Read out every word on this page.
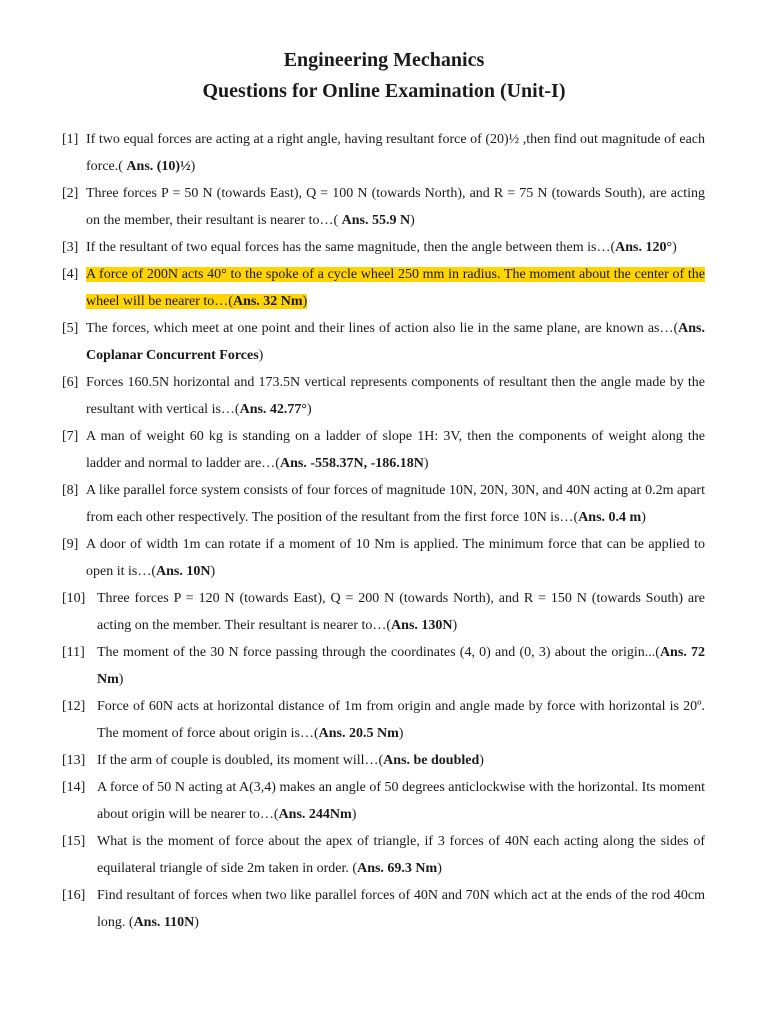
Engineering Mechanics

Questions for Online Examination (Unit-I)

[1] If two equal forces are acting at a right angle, having resultant force of (20)½ ,then find out magnitude of each force.( Ans. (10)½)
[2] Three forces P = 50 N (towards East), Q = 100 N (towards North), and R = 75 N (towards South), are acting on the member, their resultant is nearer to…( Ans. 55.9 N)
[3] If the resultant of two equal forces has the same magnitude, then the angle between them is…(Ans. 120°)
[4] A force of 200N acts 40° to the spoke of a cycle wheel 250 mm in radius. The moment about the center of the wheel will be nearer to…(Ans. 32 Nm)
[5] The forces, which meet at one point and their lines of action also lie in the same plane, are known as…(Ans. Coplanar Concurrent Forces)
[6] Forces 160.5N horizontal and 173.5N vertical represents components of resultant then the angle made by the resultant with vertical is…(Ans. 42.77°)
[7] A man of weight 60 kg is standing on a ladder of slope 1H: 3V, then the components of weight along the ladder and normal to ladder are…(Ans. -558.37N, -186.18N)
[8] A like parallel force system consists of four forces of magnitude 10N, 20N, 30N, and 40N acting at 0.2m apart from each other respectively. The position of the resultant from the first force 10N is…(Ans. 0.4 m)
[9] A door of width 1m can rotate if a moment of 10 Nm is applied. The minimum force that can be applied to open it is…(Ans. 10N)
[10] Three forces P = 120 N (towards East), Q = 200 N (towards North), and R = 150 N (towards South) are acting on the member. Their resultant is nearer to…(Ans. 130N)
[11] The moment of the 30 N force passing through the coordinates (4, 0) and (0, 3) about the origin...(Ans. 72 Nm)
[12] Force of 60N acts at horizontal distance of 1m from origin and angle made by force with horizontal is 20º. The moment of force about origin is…(Ans. 20.5 Nm)
[13] If the arm of couple is doubled, its moment will…(Ans. be doubled)
[14] A force of 50 N acting at A(3,4) makes an angle of 50 degrees anticlockwise with the horizontal. Its moment about origin will be nearer to…(Ans. 244Nm)
[15] What is the moment of force about the apex of triangle, if 3 forces of 40N each acting along the sides of equilateral triangle of side 2m taken in order. (Ans. 69.3 Nm)
[16] Find resultant of forces when two like parallel forces of 40N and 70N which act at the ends of the rod 40cm long. (Ans. 110N)
